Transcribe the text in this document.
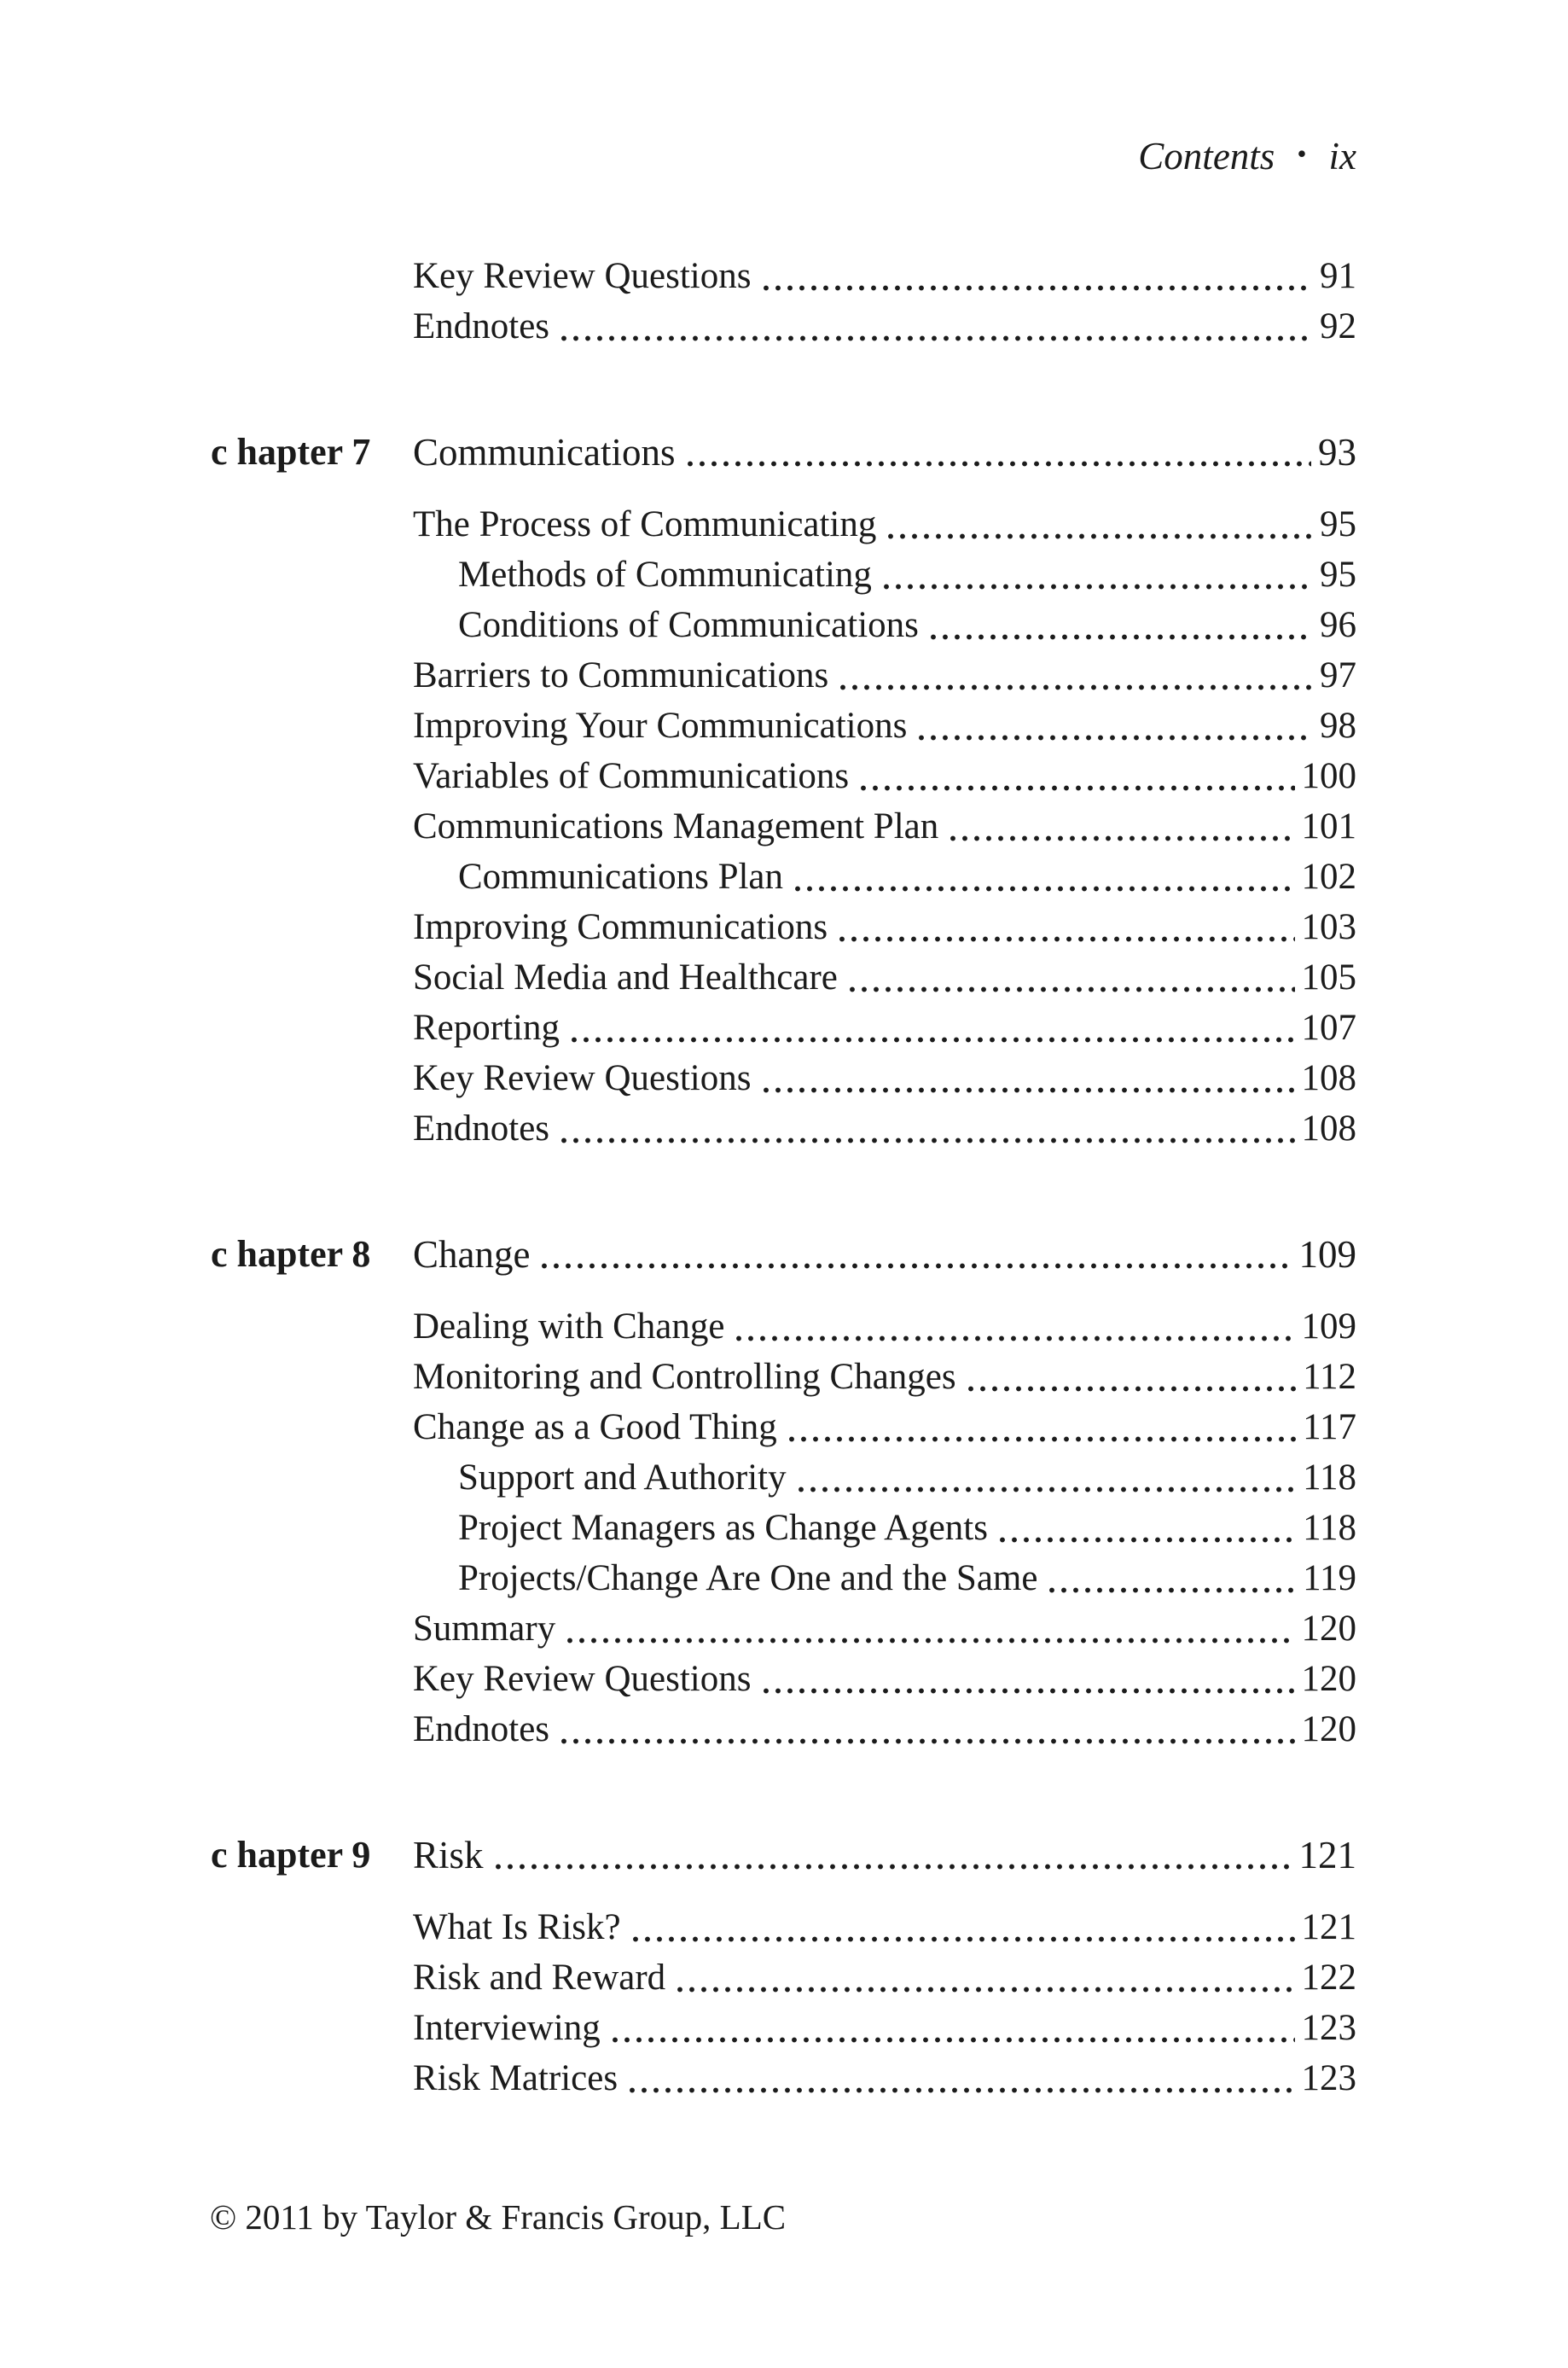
Contents • ix
Key Review Questions	91
Endnotes	92
c hapter 7 Communications	93
The Process of Communicating	95
Methods of Communicating	95
Conditions of Communications	96
Barriers to Communications	97
Improving Your Communications	98
Variables of Communications	100
Communications Management Plan	101
Communications Plan	102
Improving Communications	103
Social Media and Healthcare	105
Reporting	107
Key Review Questions	108
Endnotes	108
c hapter 8 Change	109
Dealing with Change	109
Monitoring and Controlling Changes	112
Change as a Good Thing	117
Support and Authority	118
Project Managers as Change Agents	118
Projects/Change Are One and the Same	119
Summary	120
Key Review Questions	120
Endnotes	120
c hapter 9 Risk	121
What Is Risk?	121
Risk and Reward	122
Interviewing	123
Risk Matrices	123
© 2011 by Taylor & Francis Group, LLC
